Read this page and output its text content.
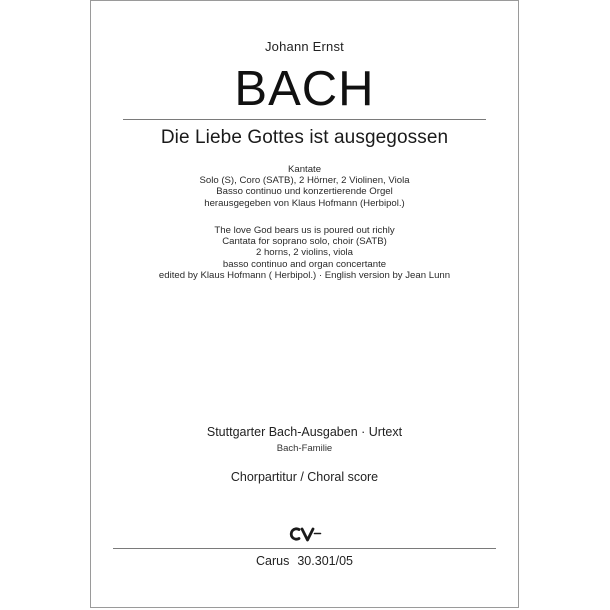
Johann Ernst
BACH
Die Liebe Gottes ist ausgegossen
Kantate
Solo (S), Coro (SATB), 2 Hörner, 2 Violinen, Viola
Basso continuo und konzertierende Orgel
herausgegeben von Klaus Hofmann (Herbipol.)
The love God bears us is poured out richly
Cantata for soprano solo, choir (SATB)
2 horns, 2 violins, viola
basso continuo and organ concertante
edited by Klaus Hofmann ( Herbipol.) · English version by Jean Lunn
Stuttgarter Bach-Ausgaben · Urtext
Bach-Familie
Chorpartitur / Choral score
Carus 30.301/05
